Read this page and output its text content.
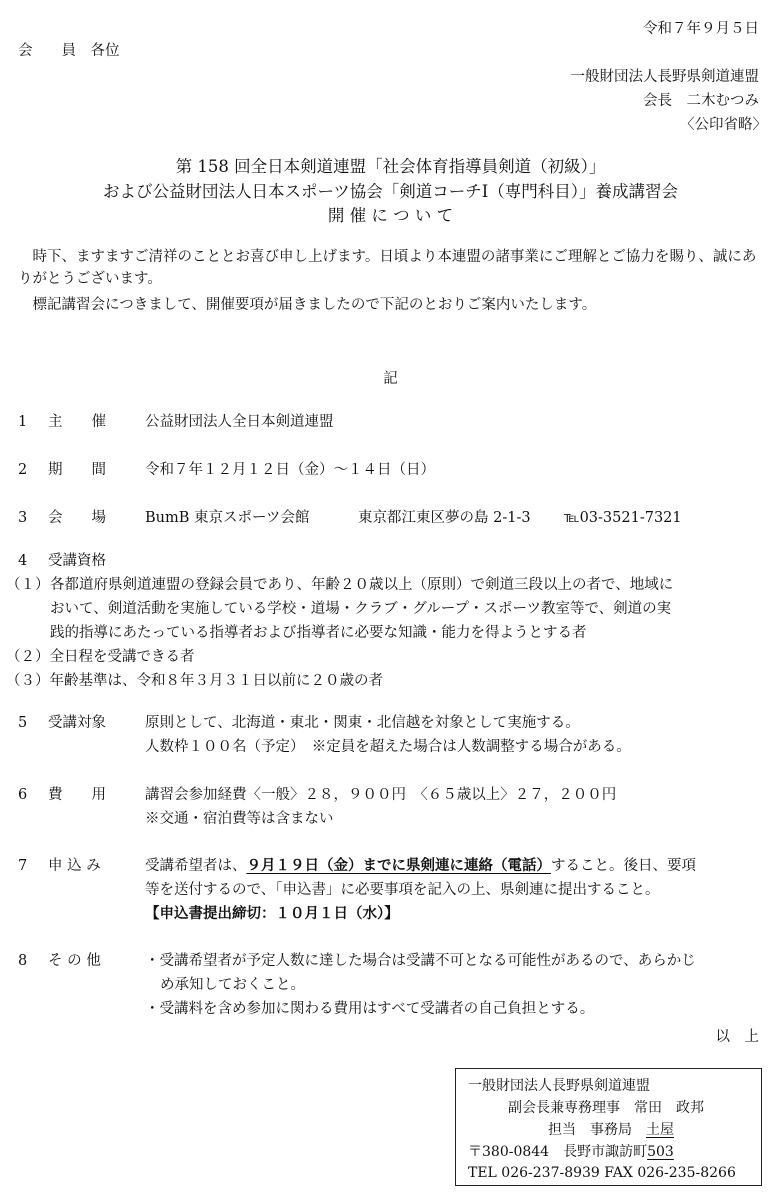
令和７年９月５日
会　　員　各位
一般財団法人長野県剣道連盟
会長　二木むつみ
〈公印省略〉
第 158 回全日本剣道連盟「社会体育指導員剣道（初級）」
および公益財団法人日本スポーツ協会「剣道コーチⅠ（専門科目）」養成講習会
開 催 に つ い て
　時下、ますますご清祥のこととお喜び申し上げます。日頃より本連盟の諸事業にご理解とご協力を賜り、誠にありがとうございます。
　標記講習会につきまして、開催要項が届きましたので下記のとおりご案内いたします。
記
1 主　　催	公益財団法人全日本剣道連盟
2 期　　間	令和７年１２月１２日（金）～１４日（日）
3 会　　場	BumB 東京スポーツ会館	東京都江東区夢の島 2-1-3 ℡03-3521-7321
4 受講資格
（１） 各都道府県剣道連盟の登録会員であり、年齢２０歳以上（原則）で剣道三段以上の者で、地域に
おいて、剣道活動を実施している学校・道場・クラブ・グループ・スポーツ教室等で、剣道の実
践的指導にあたっている指導者および指導者に必要な知識・能力を得ようとする者
（２）全日程を受講できる者
（３）年齢基準は、令和８年３月３１日以前に２０歳の者
5 受講対象	原則として、北海道・東北・関東・北信越を対象として実施する。
人数枠１００名（予定）　※定員を超えた場合は人数調整する場合がある。
6 費　　用	講習会参加経費〈一般〉２８，９００円　〈６５歳以上〉２７，２００円
※交通・宿泊費等は含まない
7 申 込 み	受講希望者は、９月１９日（金）までに県剣連に連絡（電話）すること。後日、要項
等を送付するので、「申込書」に必要事項を記入の上、県剣連に提出すること。
【申込書提出締切：１０月１日（水）】
8 そ の 他	・受講希望者が予定人数に達した場合は受講不可となる可能性があるので、あらかじ
め承知しておくこと。
・受講料を含め参加に関わる費用はすべて受講者の自己負担とする。
以　上
一般財団法人長野県剣道連盟
副会長兼専務理事　常田　政邦
担当　事務局　土屋
〒380-0844　長野市諏訪町503
TEL 026-237-8939 FAX 026-235-8266
